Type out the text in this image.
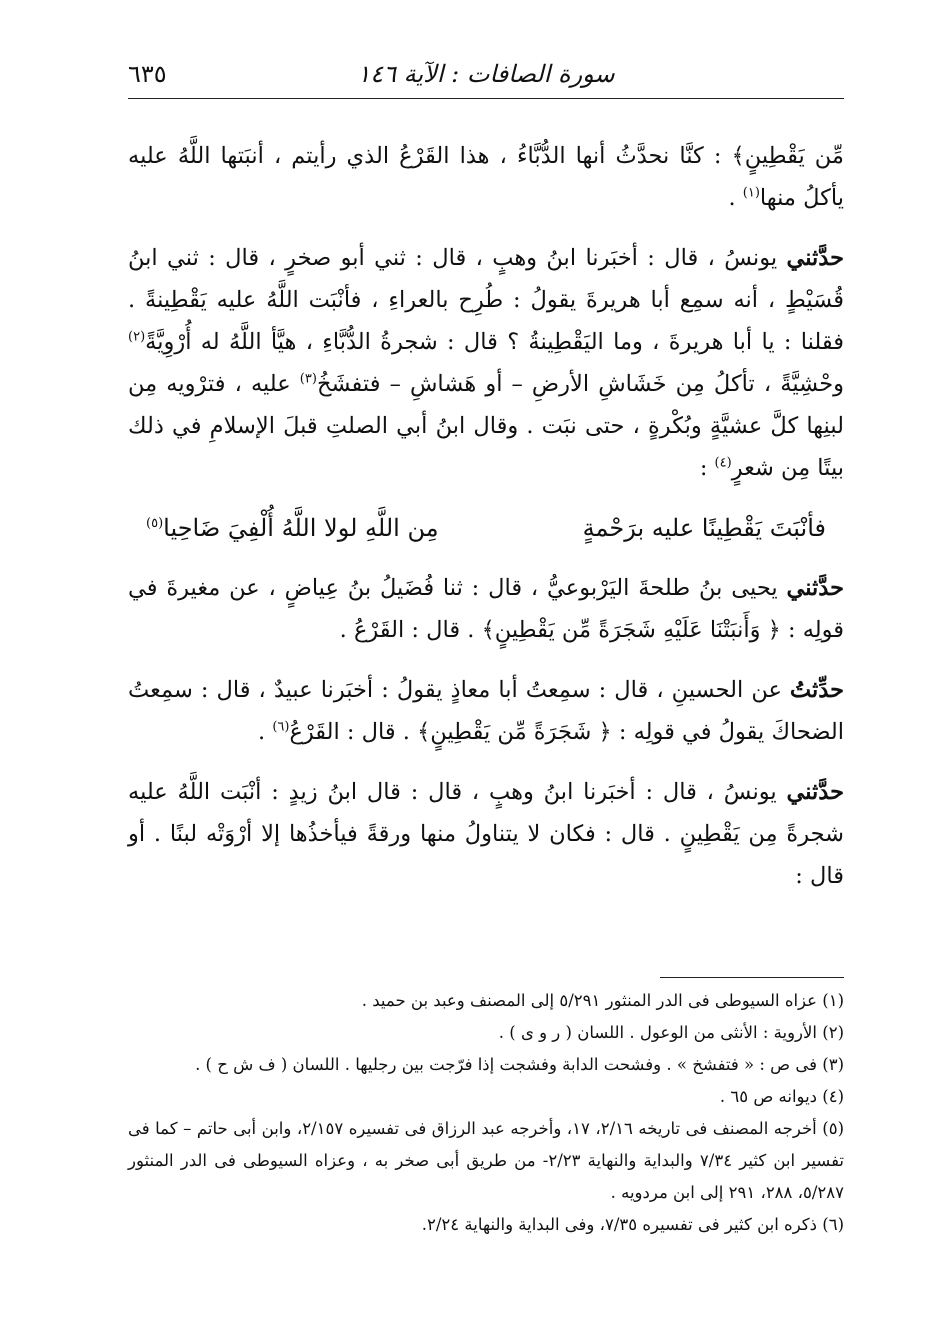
سورة الصافات : الآية ١٤٦
٦٣٥

مِّن يَقْطِينٍ﴾ : كنَّا نحدَّثُ أنها الدُّبَّاءُ ، هذا القَرْعُ الذي رأيتم ، أنبَتها اللَّهُ عليه يأكلُ منها$^{(١)}$ .

حدَّثني يونسُ ، قال : أخبَرنا ابنُ وهبٍ ، قال : ثني أبو صخرٍ ، قال : ثني ابنُ قُسَيْطٍ ، أنه سمِع أبا هريرةَ يقولُ : طُرِح بالعراءِ ، فأنْبَت اللَّهُ عليه يَقْطِينةً . فقلنا : يا أبا هريرةَ ، وما اليَقْطِينةُ ؟ قال : شجرةُ الدُّبَّاءِ ، هيَّأ اللَّهُ له أُرْوِيَّةً$^{(٢)}$ وحْشِيَّةً ، تأكلُ مِن خَشَاشِ الأرضِ – أو هَشاشِ – فتفشَخُ$^{(٣)}$ عليه ، فترْويه مِن لبنِها كلَّ عشيَّةٍ وبُكْرةٍ ، حتى نبَت . وقال ابنُ أبي الصلتِ قبلَ الإسلامِ في ذلك بيتًا مِن شعرٍ$^{(٤)}$ :

فأنْبَتَ يَقْطِينًا عليه برَحْمةٍ
مِن اللَّهِ لولا اللَّهُ أُلْفِيَ ضَاحِيا$^{(٥)}$

حدَّثني يحيى بنُ طلحةَ اليَرْبوعيُّ ، قال : ثنا فُضَيلُ بنُ عِياضٍ ، عن مغيرةَ في قولِه : ﴿ وَأَنبَتْنَا عَلَيْهِ شَجَرَةً مِّن يَقْطِينٍ﴾ . قال : القَرْعُ .

حدِّثتُ عن الحسينِ ، قال : سمِعتُ أبا معاذٍ يقولُ : أخبَرنا عبيدٌ ، قال : سمِعتُ الضحاكَ يقولُ في قولِه : ﴿ شَجَرَةً مِّن يَقْطِينٍ﴾ . قال : القَرْعُ$^{(٦)}$ .

حدَّثني يونسُ ، قال : أخبَرنا ابنُ وهبٍ ، قال : قال ابنُ زيدٍ : أنْبَت اللَّهُ عليه شجرةً مِن يَقْطِينٍ . قال : فكان لا يتناولُ منها ورقةً فيأخذُها إلا أرْوَتْه لبنًا . أو قال :

(١) عزاه السيوطى فى الدر المنثور ٥/٢٩١ إلى المصنف وعبد بن حميد .
(٢) الأروية : الأنثى من الوعول . اللسان ( ر و ى ) .
(٣) فى ص : « فتفشخ » . وفشحت الدابة وفشجت إذا فرّجت بين رجليها . اللسان ( ف ش ح ) .
(٤) ديوانه ص ٦٥ .
(٥) أخرجه المصنف فى تاريخه ٢/١٦، ١٧، وأخرجه عبد الرزاق فى تفسيره ٢/١٥٧، وابن أبى حاتم – كما فى تفسير ابن كثير ٧/٣٤ والبداية والنهاية ٢/٢٣- من طريق أبى صخر به ، وعزاه السيوطى فى الدر المنثور ٥/٢٨٧، ٢٨٨، ٢٩١ إلى ابن مردويه .
(٦) ذكره ابن كثير فى تفسيره ٧/٣٥، وفى البداية والنهاية ٢/٢٤.
